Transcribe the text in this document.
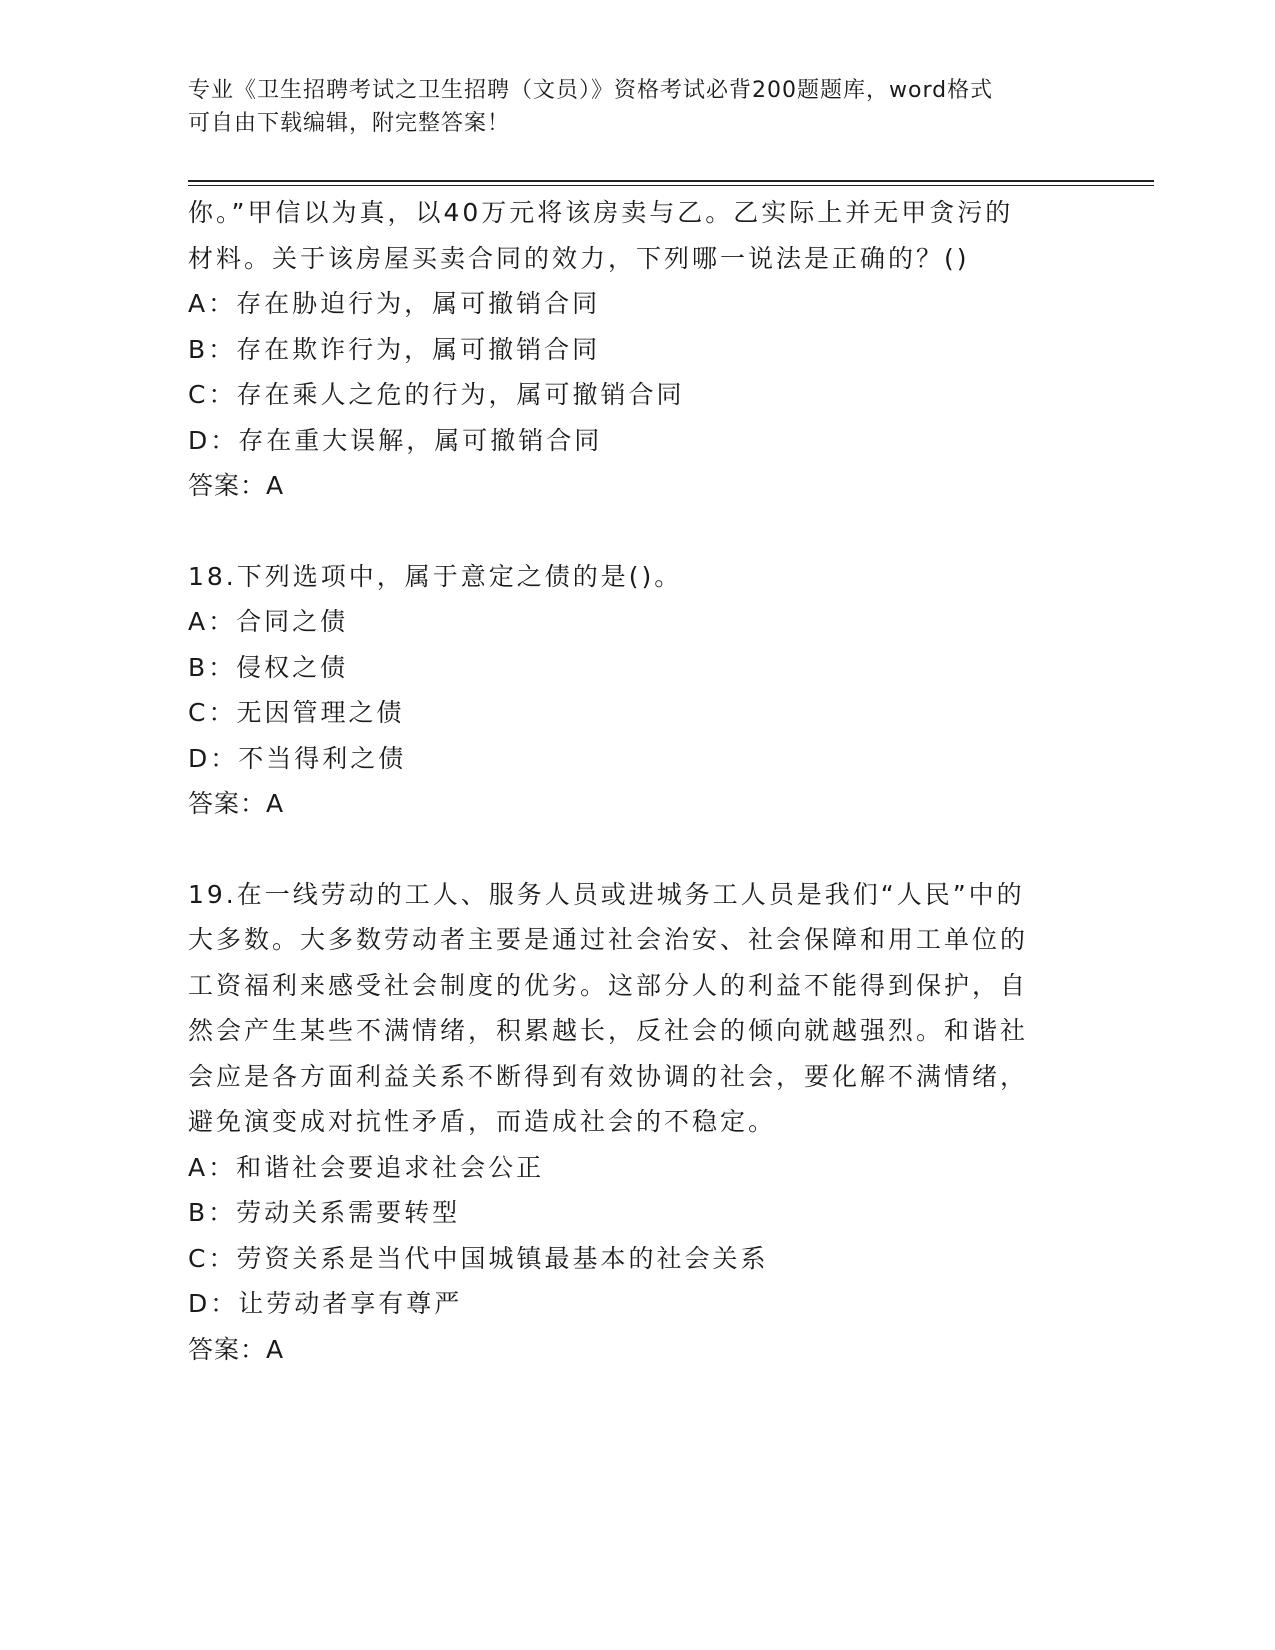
专业《卫生招聘考试之卫生招聘（文员）》资格考试必背200题题库，word格式
可自由下载编辑，附完整答案！

你。”甲信以为真，以40万元将该房卖与乙。乙实际上并无甲贪污的

材料。关于该房屋买卖合同的效力，下列哪一说法是正确的？()

A：存在胁迫行为，属可撤销合同

B：存在欺诈行为，属可撤销合同

C：存在乘人之危的行为，属可撤销合同

D：存在重大误解，属可撤销合同

答案：A

18.下列选项中，属于意定之债的是()。

A：合同之债

B：侵权之债

C：无因管理之债

D：不当得利之债

答案：A

19.在一线劳动的工人、服务人员或进城务工人员是我们“人民”中的

大多数。大多数劳动者主要是通过社会治安、社会保障和用工单位的

工资福利来感受社会制度的优劣。这部分人的利益不能得到保护，自

然会产生某些不满情绪，积累越长，反社会的倾向就越强烈。和谐社

会应是各方面利益关系不断得到有效协调的社会，要化解不满情绪，

避免演变成对抗性矛盾，而造成社会的不稳定。

A：和谐社会要追求社会公正

B：劳动关系需要转型

C：劳资关系是当代中国城镇最基本的社会关系

D：让劳动者享有尊严

答案：A
